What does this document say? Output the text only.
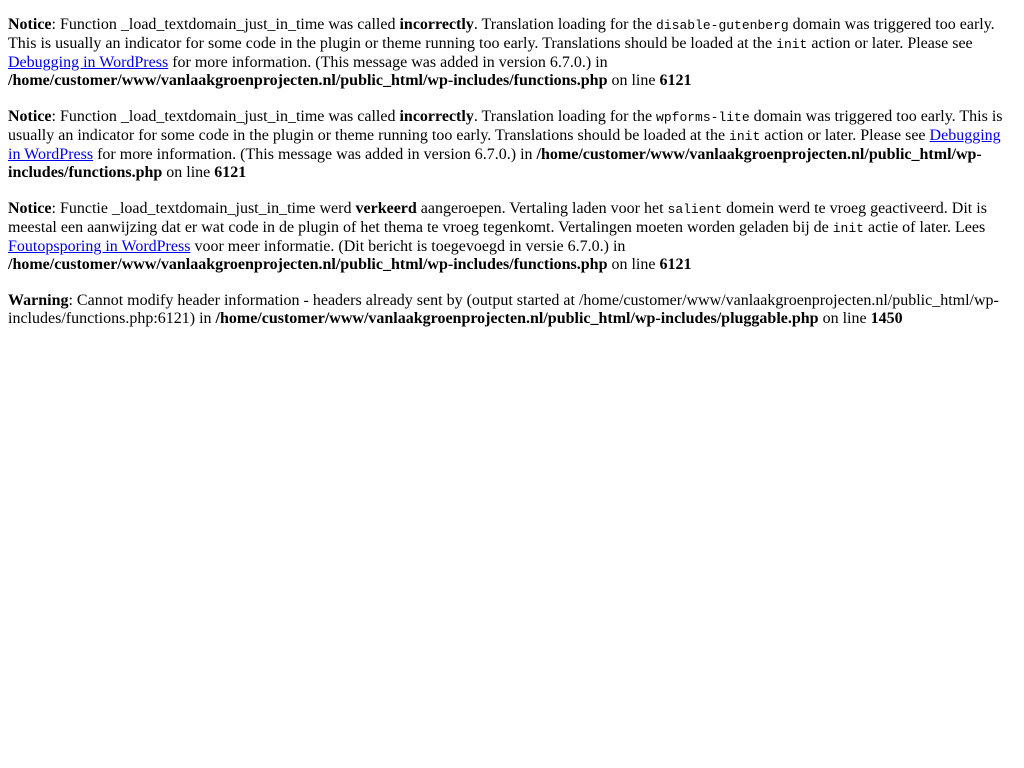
Notice: Function _load_textdomain_just_in_time was called incorrectly. Translation loading for the disable-gutenberg domain was triggered too early. This is usually an indicator for some code in the plugin or theme running too early. Translations should be loaded at the init action or later. Please see Debugging in WordPress for more information. (This message was added in version 6.7.0.) in /home/customer/www/vanlaakgroenprojecten.nl/public_html/wp-includes/functions.php on line 6121

Notice: Function _load_textdomain_just_in_time was called incorrectly. Translation loading for the wpforms-lite domain was triggered too early. This is usually an indicator for some code in the plugin or theme running too early. Translations should be loaded at the init action or later. Please see Debugging in WordPress for more information. (This message was added in version 6.7.0.) in /home/customer/www/vanlaakgroenprojecten.nl/public_html/wp-includes/functions.php on line 6121

Notice: Functie _load_textdomain_just_in_time werd verkeerd aangeroepen. Vertaling laden voor het salient domein werd te vroeg geactiveerd. Dit is meestal een aanwijzing dat er wat code in de plugin of het thema te vroeg tegenkomt. Vertalingen moeten worden geladen bij de init actie of later. Lees Foutopsporing in WordPress voor meer informatie. (Dit bericht is toegevoegd in versie 6.7.0.) in /home/customer/www/vanlaakgroenprojecten.nl/public_html/wp-includes/functions.php on line 6121

Warning: Cannot modify header information - headers already sent by (output started at /home/customer/www/vanlaakgroenprojecten.nl/public_html/wp-includes/functions.php:6121) in /home/customer/www/vanlaakgroenprojecten.nl/public_html/wp-includes/pluggable.php on line 1450
